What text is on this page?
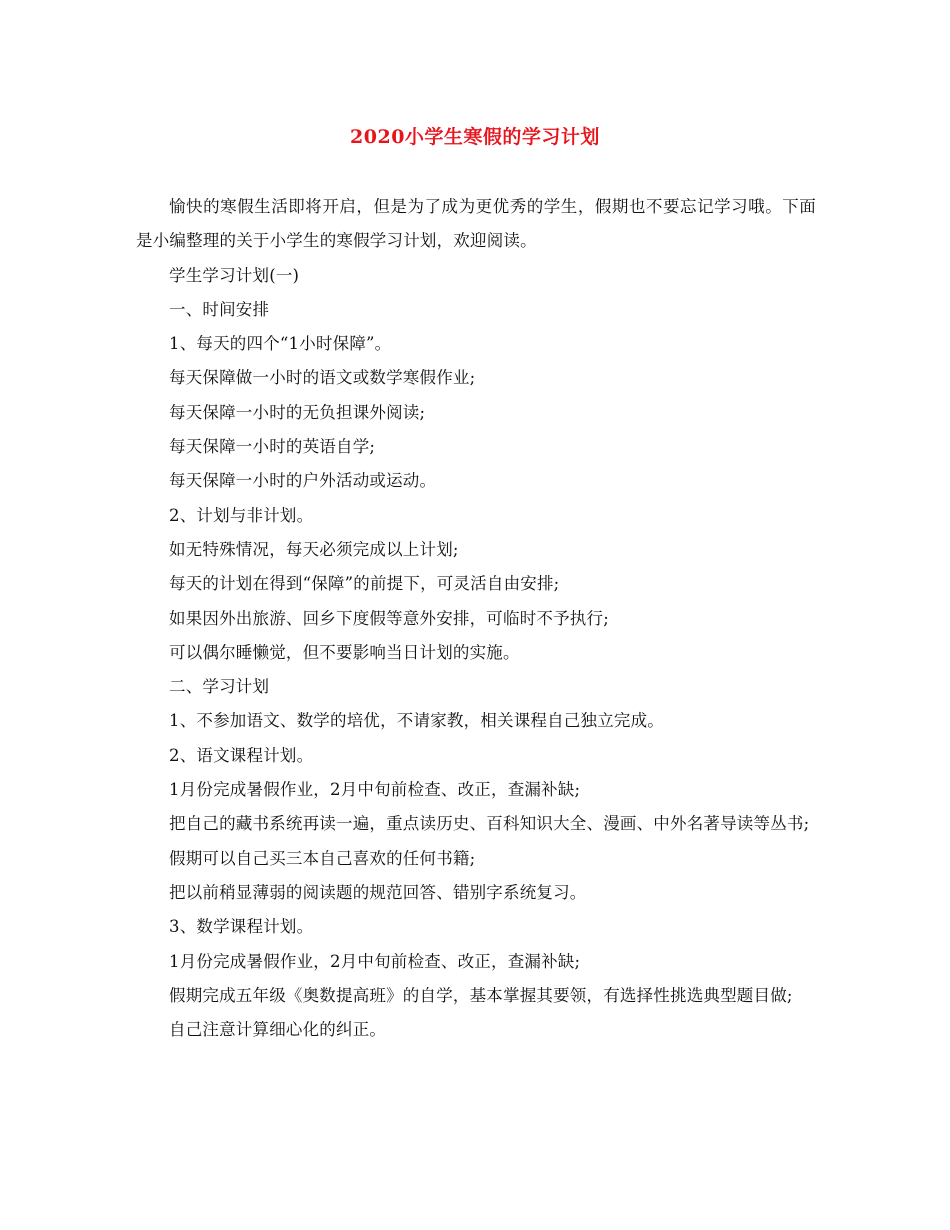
2020小学生寒假的学习计划

愉快的寒假生活即将开启，但是为了成为更优秀的学生，假期也不要忘记学习哦。下面是小编整理的关于小学生的寒假学习计划，欢迎阅读。

学生学习计划(一)

一、时间安排

1、每天的四个“1小时保障”。

每天保障做一小时的语文或数学寒假作业;

每天保障一小时的无负担课外阅读;

每天保障一小时的英语自学;

每天保障一小时的户外活动或运动。

2、计划与非计划。

如无特殊情况，每天必须完成以上计划;

每天的计划在得到“保障”的前提下，可灵活自由安排;

如果因外出旅游、回乡下度假等意外安排，可临时不予执行;

可以偶尔睡懒觉，但不要影响当日计划的实施。

二、学习计划

1、不参加语文、数学的培优，不请家教，相关课程自己独立完成。

2、语文课程计划。

1月份完成暑假作业，2月中旬前检查、改正，查漏补缺;

把自己的藏书系统再读一遍，重点读历史、百科知识大全、漫画、中外名著导读等丛书;

假期可以自己买三本自己喜欢的任何书籍;

把以前稍显薄弱的阅读题的规范回答、错别字系统复习。

3、数学课程计划。

1月份完成暑假作业，2月中旬前检查、改正，查漏补缺;

假期完成五年级《奥数提高班》的自学，基本掌握其要领，有选择性挑选典型题目做;

自己注意计算细心化的纠正。
